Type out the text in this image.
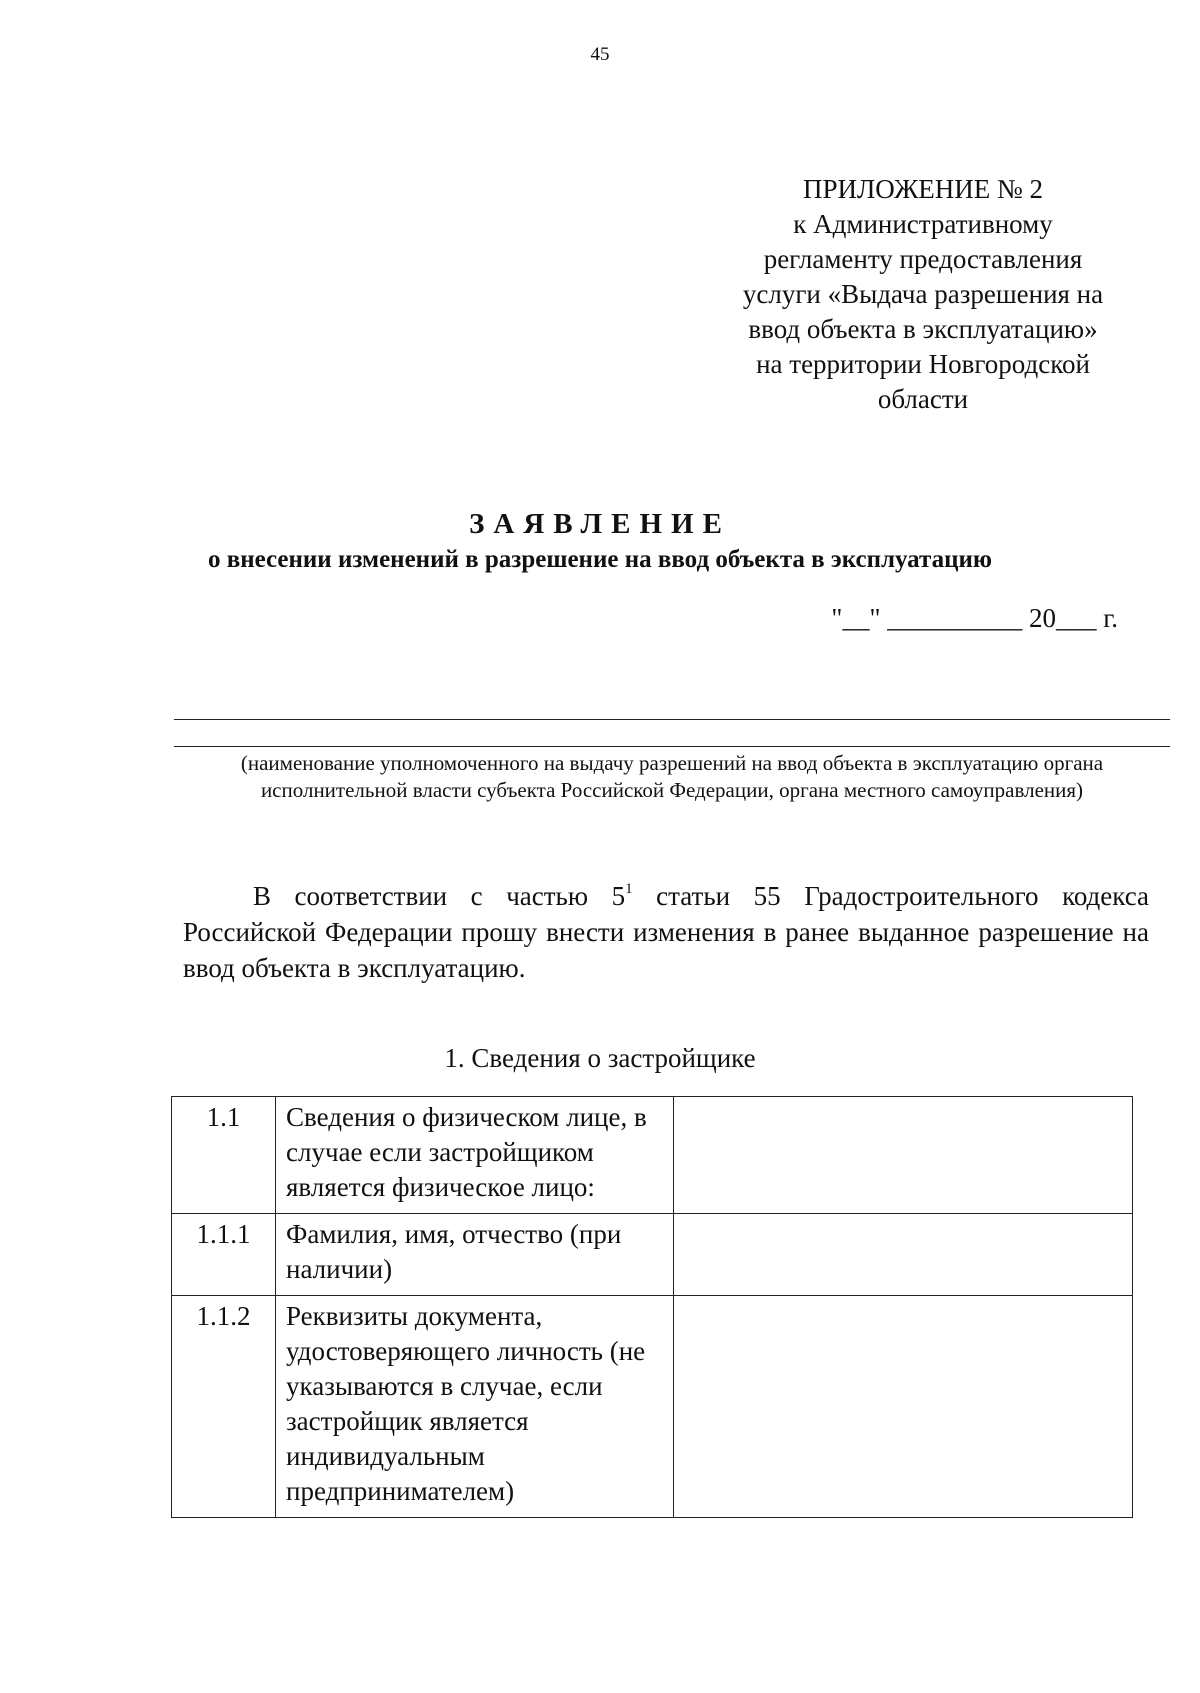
45
ПРИЛОЖЕНИЕ № 2
к Административному
регламенту предоставления
услуги «Выдача разрешения на
ввод объекта в эксплуатацию»
на территории Новгородской
области
ЗАЯВЛЕНИЕ
о внесении изменений в разрешение на ввод объекта в эксплуатацию
"__" __________ 20___ г.
(наименование уполномоченного на выдачу разрешений на ввод объекта в эксплуатацию органа исполнительной власти субъекта Российской Федерации, органа местного самоуправления)

В соответствии с частью $5^1$ статьи 55 Градостроительного кодекса Российской Федерации прошу внести изменения в ранее выданное разрешение на ввод объекта в эксплуатацию.

1. Сведения о застройщике
1.1	Сведения о физическом лице, в случае если застройщиком является физическое лицо:	
1.1.1	Фамилия, имя, отчество (при наличии)	
1.1.2	Реквизиты документа, удостоверяющего личность (не указываются в случае, если застройщик является индивидуальным предпринимателем)	
